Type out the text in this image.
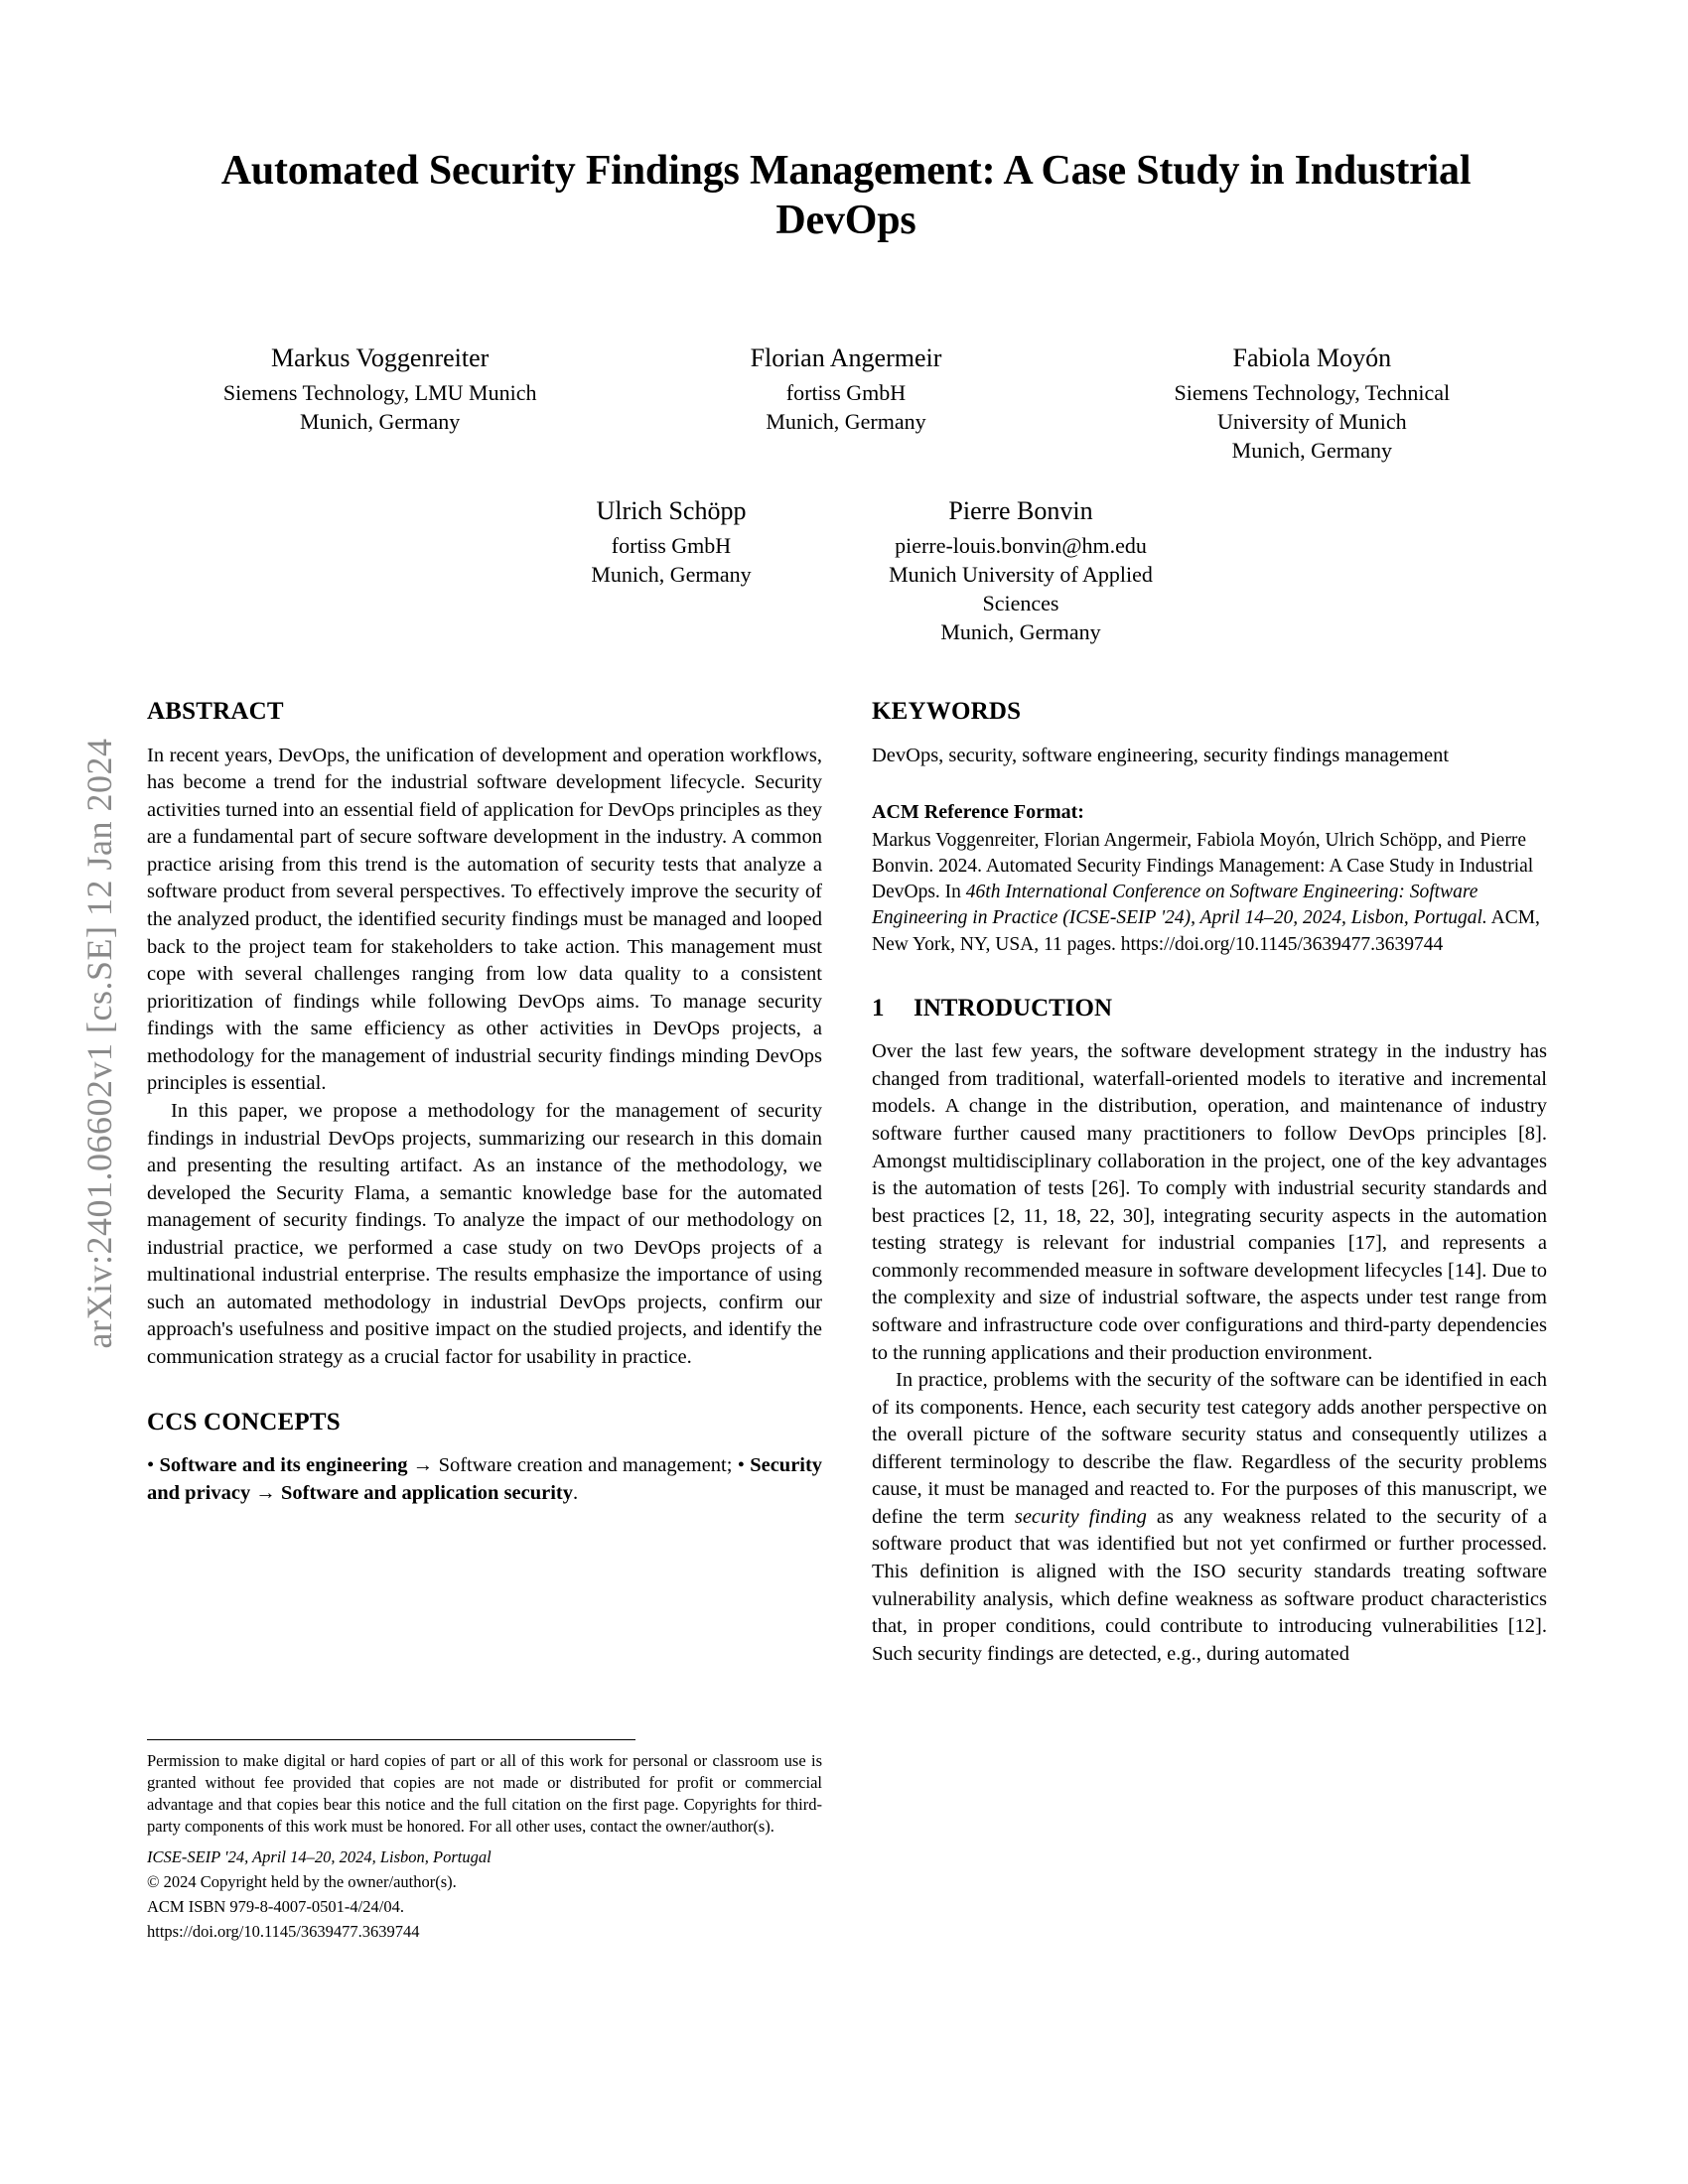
arXiv:2401.06602v1 [cs.SE] 12 Jan 2024
Automated Security Findings Management: A Case Study in Industrial DevOps
Markus Voggenreiter
Siemens Technology, LMU Munich
Munich, Germany
Florian Angermeir
fortiss GmbH
Munich, Germany
Fabiola Moyón
Siemens Technology, Technical
University of Munich
Munich, Germany
Ulrich Schöpp
fortiss GmbH
Munich, Germany
Pierre Bonvin
pierre-louis.bonvin@hm.edu
Munich University of Applied
Sciences
Munich, Germany
ABSTRACT

In recent years, DevOps, the unification of development and operation workflows, has become a trend for the industrial software development lifecycle. Security activities turned into an essential field of application for DevOps principles as they are a fundamental part of secure software development in the industry. A common practice arising from this trend is the automation of security tests that analyze a software product from several perspectives. To effectively improve the security of the analyzed product, the identified security findings must be managed and looped back to the project team for stakeholders to take action. This management must cope with several challenges ranging from low data quality to a consistent prioritization of findings while following DevOps aims. To manage security findings with the same efficiency as other activities in DevOps projects, a methodology for the management of industrial security findings minding DevOps principles is essential.

In this paper, we propose a methodology for the management of security findings in industrial DevOps projects, summarizing our research in this domain and presenting the resulting artifact. As an instance of the methodology, we developed the Security Flama, a semantic knowledge base for the automated management of security findings. To analyze the impact of our methodology on industrial practice, we performed a case study on two DevOps projects of a multinational industrial enterprise. The results emphasize the importance of using such an automated methodology in industrial DevOps projects, confirm our approach's usefulness and positive impact on the studied projects, and identify the communication strategy as a crucial factor for usability in practice.

CCS CONCEPTS

• Software and its engineering → Software creation and management; • Security and privacy → Software and application security.

Permission to make digital or hard copies of part or all of this work for personal or classroom use is granted without fee provided that copies are not made or distributed for profit or commercial advantage and that copies bear this notice and the full citation on the first page. Copyrights for third-party components of this work must be honored. For all other uses, contact the owner/author(s).

ICSE-SEIP '24, April 14–20, 2024, Lisbon, Portugal

© 2024 Copyright held by the owner/author(s).

ACM ISBN 979-8-4007-0501-4/24/04.

https://doi.org/10.1145/3639477.3639744

KEYWORDS

DevOps, security, software engineering, security findings management

ACM Reference Format:

Markus Voggenreiter, Florian Angermeir, Fabiola Moyón, Ulrich Schöpp, and Pierre Bonvin. 2024. Automated Security Findings Management: A Case Study in Industrial DevOps. In 46th International Conference on Software Engineering: Software Engineering in Practice (ICSE-SEIP '24), April 14–20, 2024, Lisbon, Portugal. ACM, New York, NY, USA, 11 pages. https://doi.org/10.1145/3639477.3639744

1	INTRODUCTION

Over the last few years, the software development strategy in the industry has changed from traditional, waterfall-oriented models to iterative and incremental models. A change in the distribution, operation, and maintenance of industry software further caused many practitioners to follow DevOps principles [8]. Amongst multidisciplinary collaboration in the project, one of the key advantages is the automation of tests [26]. To comply with industrial security standards and best practices [2, 11, 18, 22, 30], integrating security aspects in the automation testing strategy is relevant for industrial companies [17], and represents a commonly recommended measure in software development lifecycles [14]. Due to the complexity and size of industrial software, the aspects under test range from software and infrastructure code over configurations and third-party dependencies to the running applications and their production environment.

In practice, problems with the security of the software can be identified in each of its components. Hence, each security test category adds another perspective on the overall picture of the software security status and consequently utilizes a different terminology to describe the flaw. Regardless of the security problems cause, it must be managed and reacted to. For the purposes of this manuscript, we define the term security finding as any weakness related to the security of a software product that was identified but not yet confirmed or further processed. This definition is aligned with the ISO security standards treating software vulnerability analysis, which define weakness as software product characteristics that, in proper conditions, could contribute to introducing vulnerabilities [12]. Such security findings are detected, e.g., during automated
